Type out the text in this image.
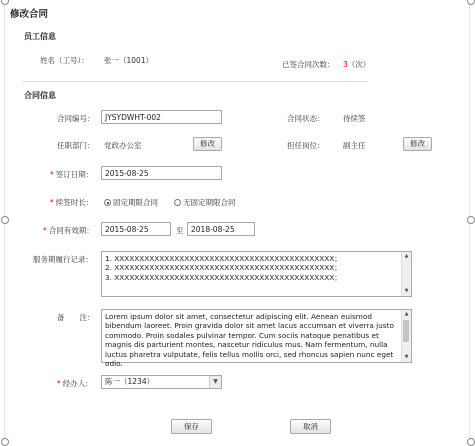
修改合同
员工信息
姓名（工号）： 张一（1001）	已签合同次数： 3（次）
合同信息
合同编号：	JYSYDWHT-002	合同状态： 待续签
任职部门： 党政办公室	修改	担任岗位： 副主任	修改
* 签订日期：	2015-08-25
* 续签时长：	固定期限合同	无固定期限合同
* 合同有效期：	2015-08-25	至	2018-08-25
服务期履行记录： 1. XXXXXXXXXXXXXXXXXXXXXXXXXXXXXXXXXXXXXXXXXXXX；
2. XXXXXXXXXXXXXXXXXXXXXXXXXXXXXXXXXXXXXXXXXXXX；
3. XXXXXXXXXXXXXXXXXXXXXXXXXXXXXXXXXXXXXXXXXXXX；
▲
▼
备　　注：	Lorem ipsum dolor sit amet, consectetur adipiscing elit. Aenean euismod bibendum laoreet. Proin gravida dolor sit amet lacus accumsan et viverra justo commodo. Proin sodales pulvinar tempor. Cum sociis natoque penatibus et magnis dis parturient montes, nascetur ridiculus mus. Nam fermentum, nulla luctus pharetra vulputate, felis tellus mollis orci, sed rhoncus sapien nunc eget odio.
▲
▼
* 经办人：	陈一（1234）	▼
保存	取消
